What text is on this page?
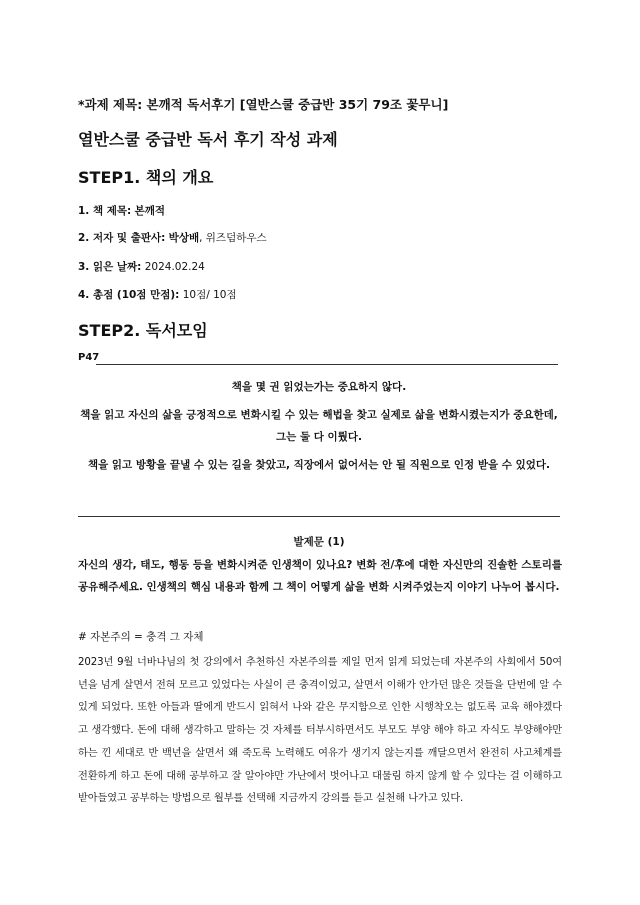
*과제 제목: 본깨적 독서후기 [열반스쿨 중급반 35기 79조 꽃무니]
열반스쿨 중급반 독서 후기 작성 과제
STEP1. 책의 개요
1. 책 제목: 본깨적
2. 저자 및 출판사: 박상배, 위즈덤하우스
3. 읽은 날짜: 2024.02.24
4. 총점 (10점 만점): 10점/ 10점
STEP2. 독서모임
P47
책을 몇 권 읽었는가는 중요하지 않다.
책을 읽고 자신의 삶을 긍정적으로 변화시킬 수 있는 해법을 찾고 실제로 삶을 변화시켰는지가 중요한데, 그는 둘 다 이뤘다.
책을 읽고 방황을 끝낼 수 있는 길을 찾았고, 직장에서 없어서는 안 될 직원으로 인정 받을 수 있었다.
발제문 (1)
자신의 생각, 태도, 행동 등을 변화시켜준 인생책이 있나요? 변화 전/후에 대한 자신만의 진솔한 스토리를 공유해주세요. 인생책의 핵심 내용과 함께 그 책이 어떻게 삶을 변화 시켜주었는지 이야기 나누어 봅시다.
# 자본주의 = 충격 그 자체
2023년 9월 너바나님의 첫 강의에서 추천하신 자본주의를 제일 먼저 읽게 되었는데 자본주의 사회에서 50여년을 넘게 살면서 전혀 모르고 있었다는 사실이 큰 충격이었고, 살면서 이해가 안가던 많은 것들을 단번에 알 수 있게 되었다. 또한 아들과 딸에게 반드시 읽혀서 나와 같은 무지함으로 인한 시행착오는 없도록 교육 해야겠다고 생각했다. 돈에 대해 생각하고 말하는 것 자체를 터부시하면서도 부모도 부양 해야 하고 자식도 부양해야만 하는 낀 세대로 반 백년을 살면서 왜 죽도록 노력해도 여유가 생기지 않는지를 깨달으면서 완전히 사고체계를 전환하게 하고 돈에 대해 공부하고 잘 알아야만 가난에서 벗어나고 대물림 하지 않게 할 수 있다는 걸 이해하고 받아들였고 공부하는 방법으로 월부를 선택해 지금까지 강의를 듣고 실천해 나가고 있다.
